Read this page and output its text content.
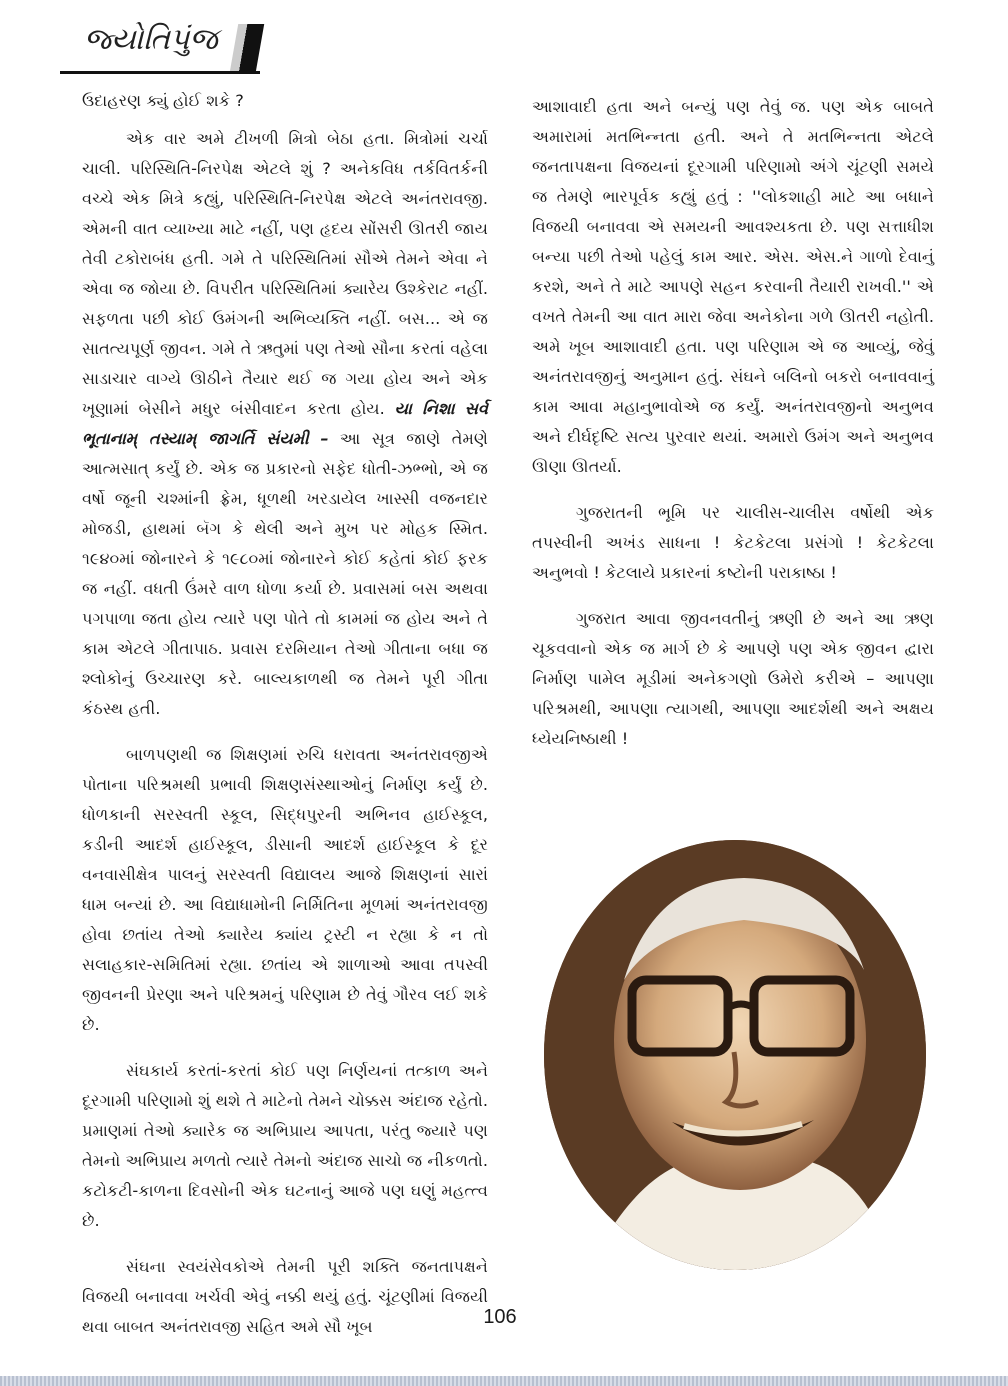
જ્યોતિપુંજ

ઉદાહરણ ક્યું હોઈ શકે ?

એક વાર અમે ટીખળી મિત્રો બેઠા હતા. મિત્રોમાં ચર્ચા ચાલી. પરિસ્થિતિ-નિરપેક્ષ એટલે શું ? અનેકવિધ તર્કવિતર્કની વચ્ચે એક મિત્રે કહ્યું, પરિસ્થિતિ-નિરપેક્ષ એટલે અનંતરાવજી. એમની વાત વ્યાખ્યા માટે નહીં, પણ હૃદય સોંસરી ઊતરી જાય તેવી ટકોરાબંધ હતી. ગમે તે પરિસ્થિતિમાં સૌએ તેમને એવા ને એવા જ જોયા છે. વિપરીત પરિસ્થિતિમાં ક્યારેય ઉશ્કેરાટ નહીં. સફળતા પછી કોઈ ઉમંગની અભિવ્યક્તિ નહીં. બસ... એ જ સાતત્યપૂર્ણ જીવન. ગમે તે ઋતુમાં પણ તેઓ સૌના કરતાં વહેલા સાડાચાર વાગ્યે ઊઠીને તૈયાર થઈ જ ગયા હોય અને એક ખૂણામાં બેસીને મધુર બંસીવાદન કરતા હોય. યા નિશા સર્વ ભૂતાનામ્ તસ્યામ્ જાગર્તિ સંયમી – આ સૂત્ર જાણે તેમણે આત્મસાત્ કર્યું છે. એક જ પ્રકારનો સફેદ ધોતી-ઝભ્ભો, એ જ વર્ષો જૂની ચશ્માંની ફ્રેમ, ધૂળથી ખરડાયેલ ખાસ્સી વજનદાર મોજડી, હાથમાં બૅગ કે થેલી અને મુખ પર મોહક સ્મિત. ૧૯૪૦માં જોનારને કે ૧૯૮૦માં જોનારને કોઈ કહેતાં કોઈ ફરક જ નહીં. વધતી ઉંમરે વાળ ધોળા કર્યા છે. પ્રવાસમાં બસ અથવા પગપાળા જતા હોય ત્યારે પણ પોતે તો કામમાં જ હોય અને તે કામ એટલે ગીતાપાઠ. પ્રવાસ દરમિયાન તેઓ ગીતાના બધા જ શ્લોકોનું ઉચ્ચારણ કરે. બાલ્યકાળથી જ તેમને પૂરી ગીતા કંઠસ્થ હતી.

બાળપણથી જ શિક્ષણમાં રુચિ ધરાવતા અનંતરાવજીએ પોતાના પરિશ્રમથી પ્રભાવી શિક્ષણસંસ્થાઓનું નિર્માણ કર્યું છે. ધોળકાની સરસ્વતી સ્કૂલ, સિદ્ધપુરની અભિનવ હાઈસ્કૂલ, કડીની આદર્શ હાઈસ્કૂલ, ડીસાની આદર્શ હાઈસ્કૂલ કે દૂર વનવાસીક્ષેત્ર પાલનું સરસ્વતી વિદ્યાલય આજે શિક્ષણનાં સારાં ધામ બન્યાં છે. આ વિદ્યાધામોની નિર્મિતિના મૂળમાં અનંતરાવજી હોવા છતાંય તેઓ ક્યારેય ક્યાંય ટ્રસ્ટી ન રહ્યા કે ન તો સલાહકાર-સમિતિમાં રહ્યા. છતાંય એ શાળાઓ આવા તપસ્વી જીવનની પ્રેરણા અને પરિશ્રમનું પરિણામ છે તેવું ગૌરવ લઈ શકે છે.

સંઘકાર્ય કરતાં-કરતાં કોઈ પણ નિર્ણયનાં તત્કાળ અને દૂરગામી પરિણામો શું થશે તે માટેનો તેમને ચોક્કસ અંદાજ રહેતો. પ્રમાણમાં તેઓ ક્યારેક જ અભિપ્રાય આપતા, પરંતુ જ્યારે પણ તેમનો અભિપ્રાય મળતો ત્યારે તેમનો અંદાજ સાચો જ નીકળતો. કટોકટી-કાળના દિવસોની એક ઘટનાનું આજે પણ ઘણું મહત્ત્વ છે.

સંઘના સ્વયંસેવકોએ તેમની પૂરી શક્તિ જનતાપક્ષને વિજયી બનાવવા ખર્ચવી એવું નક્કી થયું હતું. ચૂંટણીમાં વિજયી થવા બાબત અનંતરાવજી સહિત અમે સૌ ખૂબ

આશાવાદી હતા અને બન્યું પણ તેવું જ. પણ એક બાબતે અમારામાં મતભિન્નતા હતી. અને તે મતભિન્નતા એટલે જનતાપક્ષના વિજયનાં દૂરગામી પરિણામો અંગે ચૂંટણી સમયે જ તેમણે ભારપૂર્વક કહ્યું હતું : ''લોકશાહી માટે આ બધાને વિજયી બનાવવા એ સમયની આવશ્યકતા છે. પણ સત્તાધીશ બન્યા પછી તેઓ પહેલું કામ આર. એસ. એસ.ને ગાળો દેવાનું કરશે, અને તે માટે આપણે સહન કરવાની તૈયારી રાખવી.'' એ વખતે તેમની આ વાત મારા જેવા અનેકોના ગળે ઊતરી નહોતી. અમે ખૂબ આશાવાદી હતા. પણ પરિણામ એ જ આવ્યું, જેવું અનંતરાવજીનું અનુમાન હતું. સંઘને બલિનો બકરો બનાવવાનું કામ આવા મહાનુભાવોએ જ કર્યું. અનંતરાવજીનો અનુભવ અને દીર્ઘદૃષ્ટિ સત્ય પુરવાર થયાં. અમારો ઉમંગ અને અનુભવ ઊણા ઊતર્યા.

ગુજરાતની ભૂમિ પર ચાલીસ-ચાલીસ વર્ષોથી એક તપસ્વીની અખંડ સાધના ! કેટકેટલા પ્રસંગો ! કેટકેટલા અનુભવો ! કેટલાયે પ્રકારનાં કષ્ટોની પરાકાષ્ઠા !

ગુજરાત આવા જીવનવતીનું ઋણી છે અને આ ઋણ ચૂકવવાનો એક જ માર્ગ છે કે આપણે પણ એક જીવન દ્વારા નિર્માણ પામેલ મૂડીમાં અનેકગણો ઉમેરો કરીએ – આપણા પરિશ્રમથી, આપણા ત્યાગથી, આપણા આદર્શથી અને અક્ષય ધ્યેયનિષ્ઠાથી !

106
